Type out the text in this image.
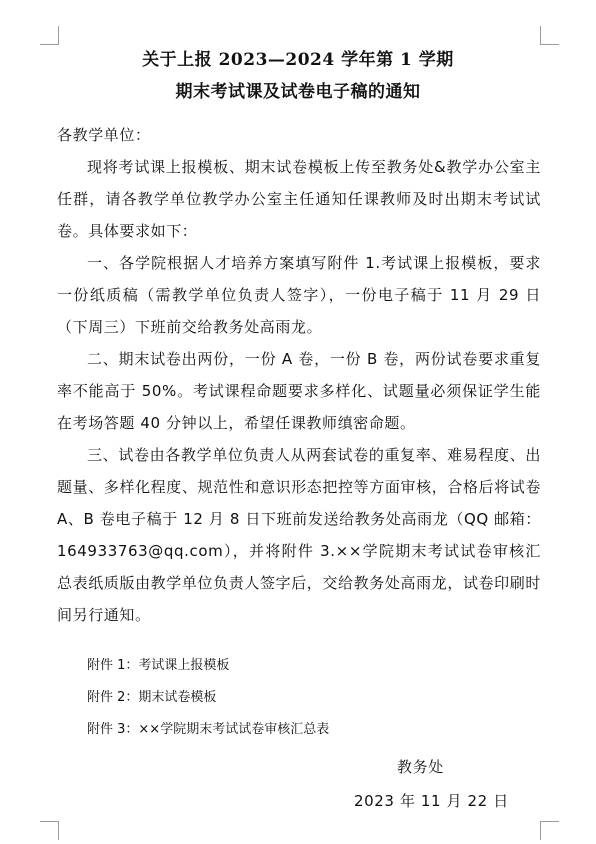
关于上报 2023—2024 学年第 1 学期
期末考试课及试卷电子稿的通知
各教学单位：
现将考试课上报模板、期末试卷模板上传至教务处&教学办公室主任群，请各教学单位教学办公室主任通知任课教师及时出期末考试试卷。具体要求如下：
一、各学院根据人才培养方案填写附件 1.考试课上报模板，要求一份纸质稿（需教学单位负责人签字），一份电子稿于 11 月 29 日（下周三）下班前交给教务处高雨龙。
二、期末试卷出两份，一份 A 卷，一份 B 卷，两份试卷要求重复率不能高于 50%。考试课程命题要求多样化、试题量必须保证学生能在考场答题 40 分钟以上，希望任课教师缜密命题。
三、试卷由各教学单位负责人从两套试卷的重复率、难易程度、出题量、多样化程度、规范性和意识形态把控等方面审核，合格后将试卷 A、B 卷电子稿于 12 月 8 日下班前发送给教务处高雨龙（QQ 邮箱：164933763@qq.com），并将附件 3.××学院期末考试试卷审核汇总表纸质版由教学单位负责人签字后，交给教务处高雨龙，试卷印刷时间另行通知。
附件 1：考试课上报模板
附件 2：期末试卷模板
附件 3：××学院期末考试试卷审核汇总表
教务处
2023 年 11 月 22 日
